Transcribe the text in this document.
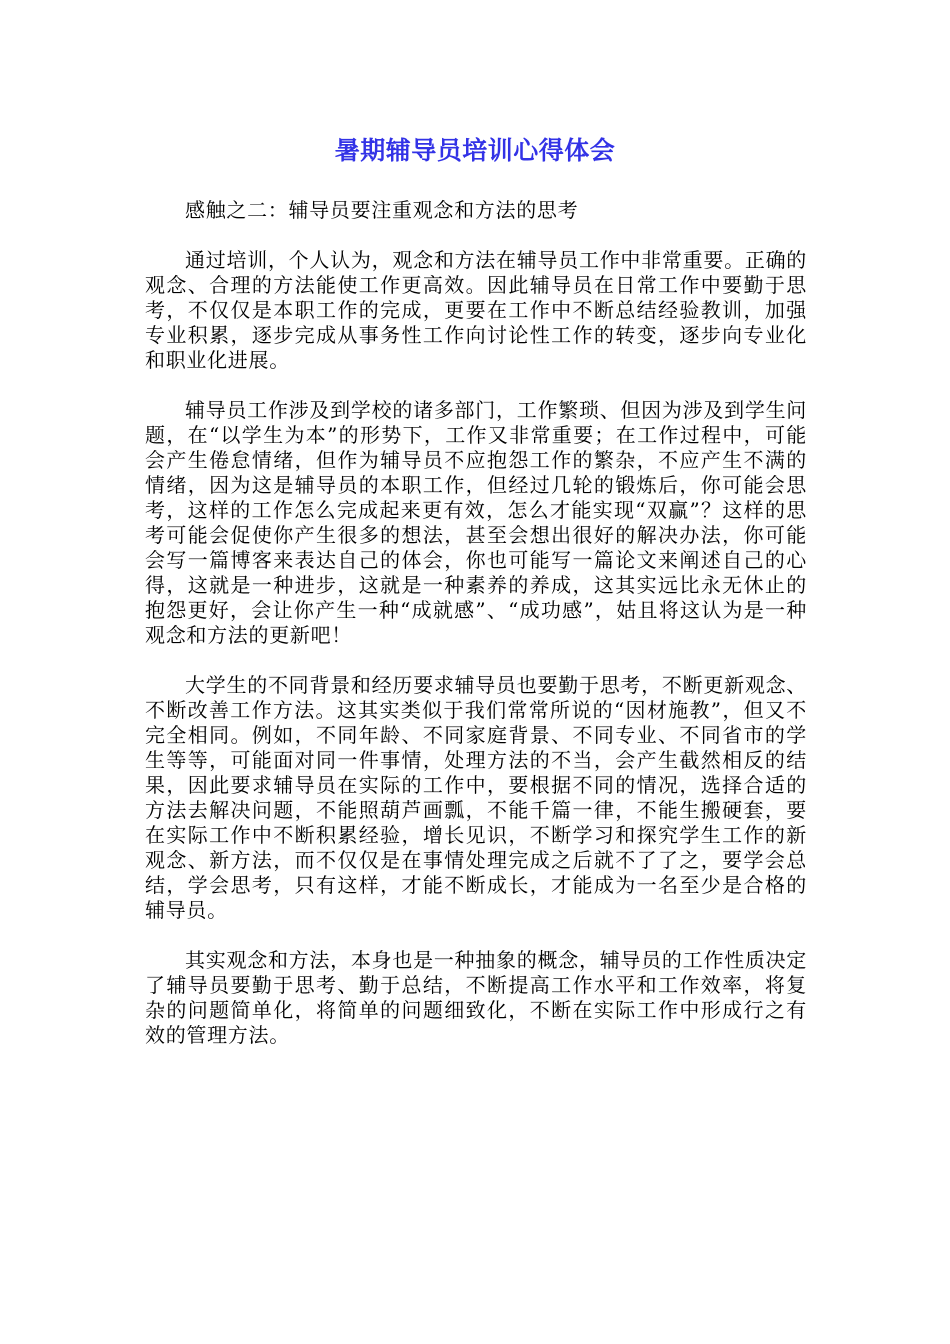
暑期辅导员培训心得体会

感触之二：辅导员要注重观念和方法的思考

通过培训，个人认为，观念和方法在辅导员工作中非常重要。正确的观念、合理的方法能使工作更高效。因此辅导员在日常工作中要勤于思考，不仅仅是本职工作的完成，更要在工作中不断总结经验教训，加强专业积累，逐步完成从事务性工作向讨论性工作的转变，逐步向专业化和职业化进展。

辅导员工作涉及到学校的诸多部门，工作繁琐、但因为涉及到学生问题，在“以学生为本”的形势下，工作又非常重要；在工作过程中，可能会产生倦怠情绪，但作为辅导员不应抱怨工作的繁杂，不应产生不满的情绪，因为这是辅导员的本职工作，但经过几轮的锻炼后，你可能会思考，这样的工作怎么完成起来更有效，怎么才能实现“双赢”？这样的思考可能会促使你产生很多的想法，甚至会想出很好的解决办法，你可能会写一篇博客来表达自己的体会，你也可能写一篇论文来阐述自己的心得，这就是一种进步，这就是一种素养的养成，这其实远比永无休止的抱怨更好，会让你产生一种“成就感”、“成功感”，姑且将这认为是一种观念和方法的更新吧！

大学生的不同背景和经历要求辅导员也要勤于思考，不断更新观念、不断改善工作方法。这其实类似于我们常常所说的“因材施教”，但又不完全相同。例如，不同年龄、不同家庭背景、不同专业、不同省市的学生等等，可能面对同一件事情，处理方法的不当，会产生截然相反的结果，因此要求辅导员在实际的工作中，要根据不同的情况，选择合适的方法去解决问题，不能照葫芦画瓢，不能千篇一律，不能生搬硬套，要在实际工作中不断积累经验，增长见识，不断学习和探究学生工作的新观念、新方法，而不仅仅是在事情处理完成之后就不了了之，要学会总结，学会思考，只有这样，才能不断成长，才能成为一名至少是合格的辅导员。

其实观念和方法，本身也是一种抽象的概念，辅导员的工作性质决定了辅导员要勤于思考、勤于总结，不断提高工作水平和工作效率，将复杂的问题简单化，将简单的问题细致化，不断在实际工作中形成行之有效的管理方法。
